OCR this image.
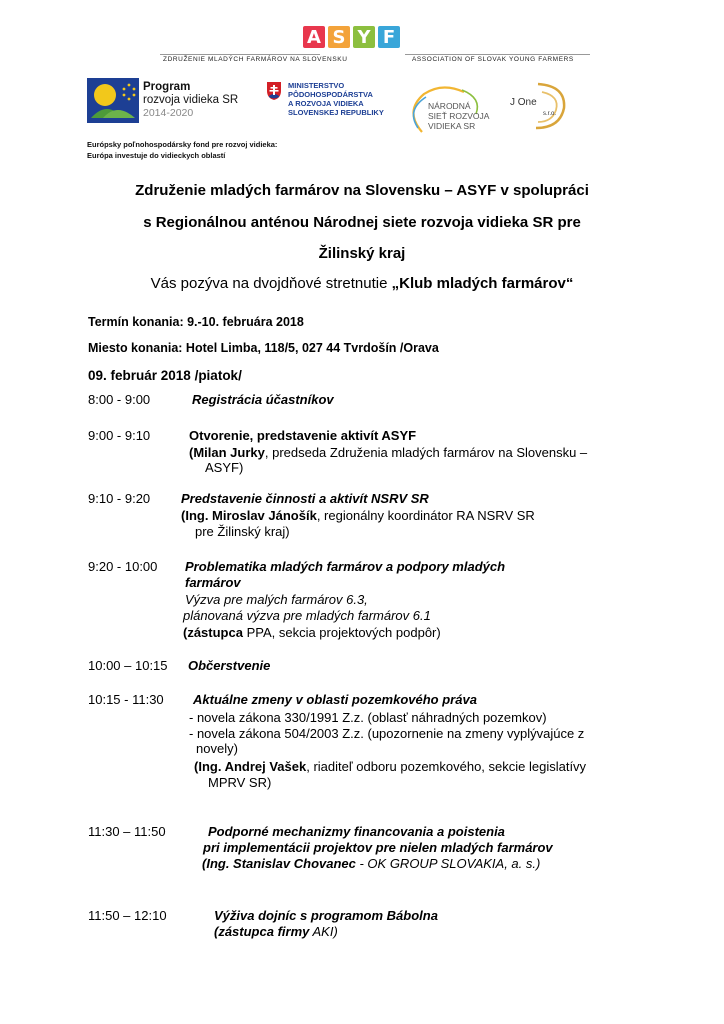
A S Y F
ZDRUŽENIE MLADÝCH FARMÁROV NA SLOVENSKU	ASSOCIATION OF SLOVAK YOUNG FARMERS
Program
rozvoja vidieka SR
2014-2020
MINISTERSTVO
PÔDOHOSPODÁRSTVA
A ROZVOJA VIDIEKA
SLOVENSKEJ REPUBLIKY
NÁRODNÁ
SIEŤ ROZVOJA
VIDIEKA SR
J One
s.r.o.
Európsky poľnohospodársky fond pre rozvoj vidieka:
Európa investuje do vidieckych oblastí
Združenie mladých farmárov na Slovensku – ASYF v spolupráci
s Regionálnou anténou Národnej siete rozvoja vidieka SR pre
Žilinský kraj
Vás pozýva na dvojdňové stretnutie „Klub mladých farmárov“
Termín konania: 9.-10. februára 2018
Miesto konania: Hotel Limba, 118/5, 027 44 Tvrdošín /Orava
09. február 2018 /piatok/
8:00 - 9:00	Registrácia účastníkov
9:00 - 9:10	Otvorenie, predstavenie aktivít ASYF
(Milan Jurky, predseda Združenia mladých farmárov na Slovensku –
ASYF)
9:10 - 9:20 Predstavenie činnosti a aktivít NSRV SR
(Ing. Miroslav Jánošík, regionálny koordinátor RA NSRV SR
pre Žilinský kraj)
9:20 - 10:00 Problematika mladých farmárov a podpory mladých
farmárov
Výzva pre malých farmárov 6.3,
plánovaná výzva pre mladých farmárov 6.1
(zástupca PPA, sekcia projektových podpôr)
10:00 – 10:15 Občerstvenie
10:15 - 11:30 Aktuálne zmeny v oblasti pozemkového práva
- novela zákona 330/1991 Z.z. (oblasť náhradných pozemkov)
- novela zákona 504/2003 Z.z. (upozornenie na zmeny vyplývajúce z
novely)
(Ing. Andrej Vašek, riaditeľ odboru pozemkového, sekcie legislatívy
MPRV SR)
11:30 – 11:50	Podporné mechanizmy financovania a poistenia
pri implementácii projektov pre nielen mladých farmárov
(Ing. Stanislav Chovanec - OK GROUP SLOVAKIA, a. s.)
11:50 – 12:10	Výživa dojníc s programom Bábolna
(zástupca firmy AKI)
